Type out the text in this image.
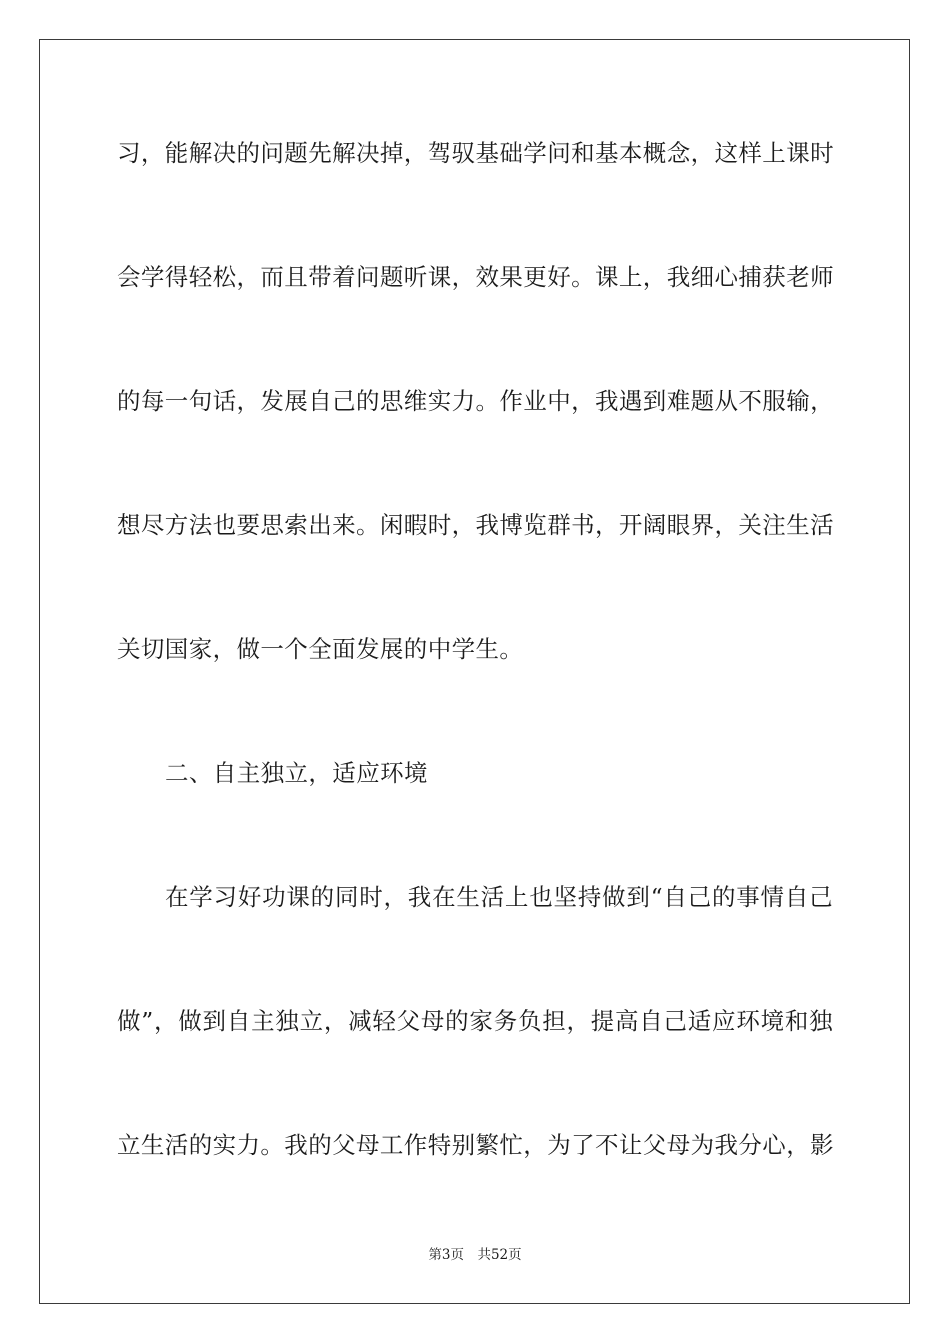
习，能解决的问题先解决掉，驾驭基础学问和基本概念，这样上课时
会学得轻松，而且带着问题听课，效果更好。课上，我细心捕获老师
的每一句话，发展自己的思维实力。作业中，我遇到难题从不服输，
想尽方法也要思索出来。闲暇时，我博览群书，开阔眼界，关注生活
关切国家，做一个全面发展的中学生。
二、自主独立，适应环境
在学习好功课的同时，我在生活上也坚持做到“自己的事情自己
做”，做到自主独立，减轻父母的家务负担，提高自己适应环境和独
立生活的实力。我的父母工作特别繁忙，为了不让父母为我分心，影
第3页　共52页
